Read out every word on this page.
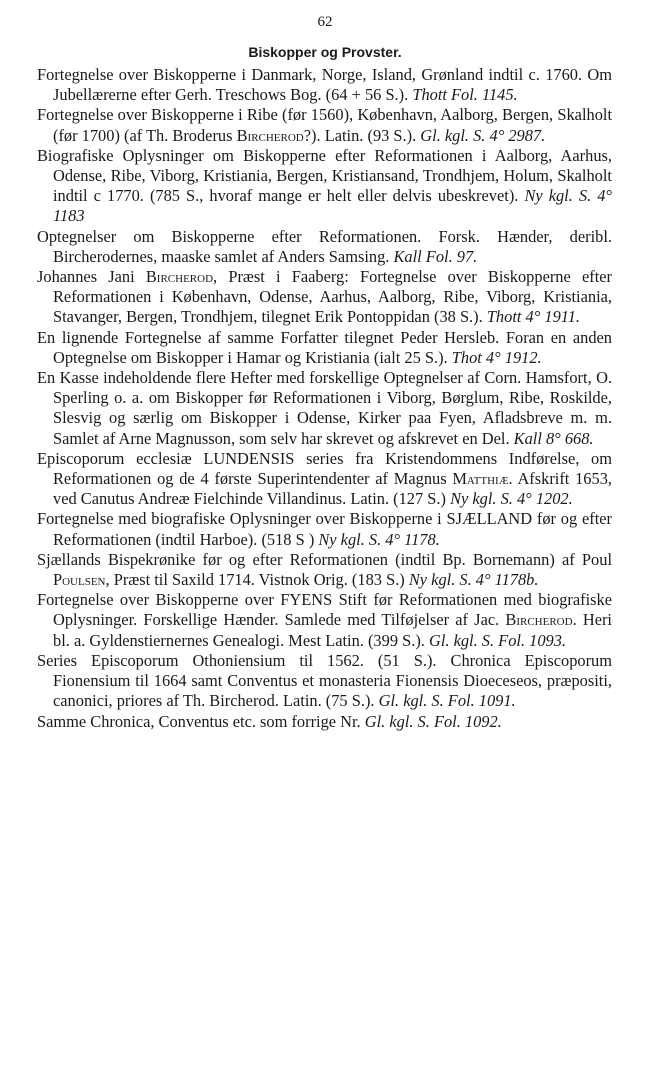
62
Biskopper og Provster.

Fortegnelse over Biskopperne i Danmark, Norge, Island, Grønland indtil c. 1760. Om Jubellærerne efter Gerh. Treschows Bog. (64 + 56 S.). Thott Fol. 1145.

Fortegnelse over Biskopperne i Ribe (før 1560), København, Aalborg, Bergen, Skalholt (før 1700) (af Th. Broderus Bircherod?). Latin. (93 S.). Gl. kgl. S. 4° 2987.

Biografiske Oplysninger om Biskopperne efter Reformationen i Aalborg, Aarhus, Odense, Ribe, Viborg, Kristiania, Bergen, Kristiansand, Trondhjem, Holum, Skalholt indtil c 1770. (785 S., hvoraf mange er helt eller delvis ubeskrevet). Ny kgl. S. 4° 1183

Optegnelser om Biskopperne efter Reformationen. Forsk. Hænder, deribl. Bircherodernes, maaske samlet af Anders Samsing. Kall Fol. 97.

Johannes Jani Bircherod, Præst i Faaberg: Fortegnelse over Biskopperne efter Reformationen i København, Odense, Aarhus, Aalborg, Ribe, Viborg, Kristiania, Stavanger, Bergen, Trondhjem, tilegnet Erik Pontoppidan (38 S.). Thott 4° 1911.

En lignende Fortegnelse af samme Forfatter tilegnet Peder Hersleb. Foran en anden Optegnelse om Biskopper i Hamar og Kristiania (ialt 25 S.). Thot 4° 1912.

En Kasse indeholdende flere Hefter med forskellige Optegnelser af Corn. Hamsfort, O. Sperling o. a. om Biskopper før Reformationen i Viborg, Børglum, Ribe, Roskilde, Slesvig og særlig om Biskopper i Odense, Kirker paa Fyen, Afladsbreve m. m. Samlet af Arne Magnusson, som selv har skrevet og afskrevet en Del. Kall 8° 668.

Episcoporum ecclesiæ LUNDENSIS series fra Kristendommens Indførelse, om Reformationen og de 4 første Superintendenter af Magnus Matthiæ. Afskrift 1653, ved Canutus Andreæ Fielchinde Villandinus. Latin. (127 S.) Ny kgl. S. 4° 1202.

Fortegnelse med biografiske Oplysninger over Biskopperne i SJÆLLAND før og efter Reformationen (indtil Harboe). (518 S ) Ny kgl. S. 4° 1178.

Sjællands Bispekrønike før og efter Reformationen (indtil Bp. Bornemann) af Poul Poulsen, Præst til Saxild 1714. Vistnok Orig. (183 S.) Ny kgl. S. 4° 1178b.

Fortegnelse over Biskopperne over FYENS Stift før Reformationen med biografiske Oplysninger. Forskellige Hænder. Samlede med Tilføjelser af Jac. Bircherod. Heri bl. a. Gyldenstiernernes Genealogi. Mest Latin. (399 S.). Gl. kgl. S. Fol. 1093.

Series Episcoporum Othoniensium til 1562. (51 S.). Chronica Episcoporum Fionensium til 1664 samt Conventus et monasteria Fionensis Dioeceseos, præpositi, canonici, priores af Th. Bircherod. Latin. (75 S.). Gl. kgl. S. Fol. 1091.

Samme Chronica, Conventus etc. som forrige Nr. Gl. kgl. S. Fol. 1092.
